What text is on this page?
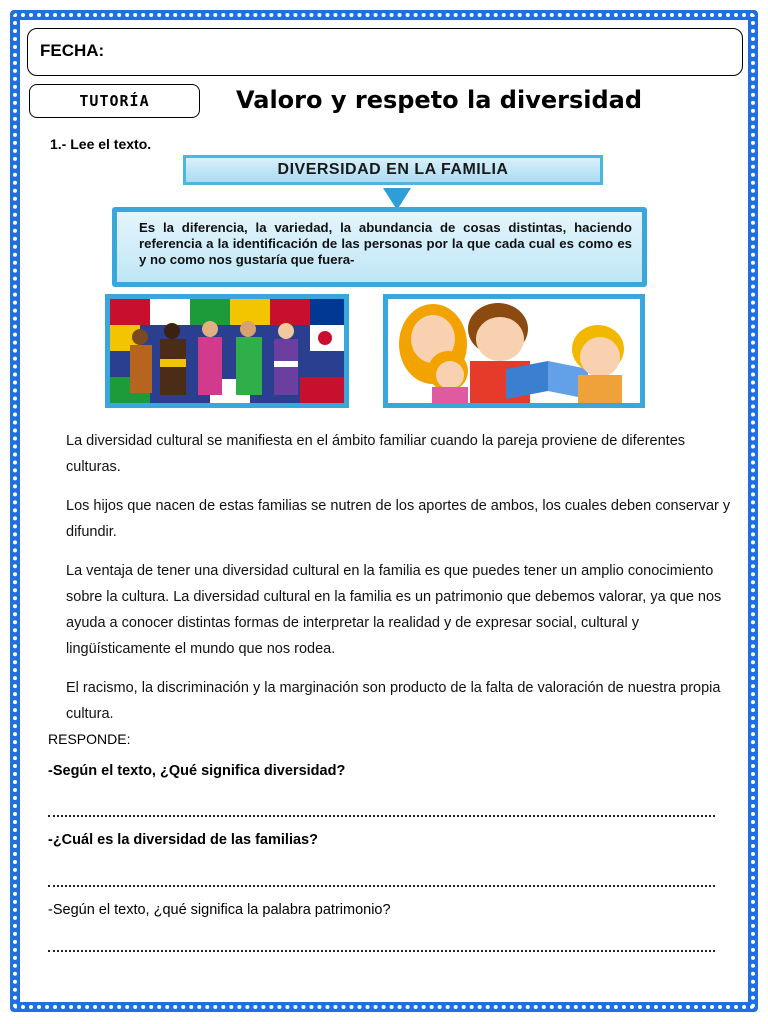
FECHA:
TUTORÍA	Valoro y respeto la diversidad
1.- Lee el texto.
DIVERSIDAD EN LA FAMILIA
Es la diferencia, la variedad, la abundancia de cosas distintas, haciendo referencia a la identificación de las personas por la que cada cual es como es y no como nos gustaría que fuera-
La diversidad cultural se manifiesta en el ámbito familiar cuando la pareja proviene de diferentes culturas.
Los hijos que nacen de estas familias se nutren de los aportes de ambos, los cuales deben conservar y difundir.
La ventaja de tener una diversidad cultural en la familia es que puedes tener un amplio conocimiento sobre la cultura. La diversidad cultural en la familia es un patrimonio que debemos valorar, ya que nos ayuda a conocer distintas formas de interpretar la realidad y de expresar social, cultural y lingüísticamente el mundo que nos rodea.
El racismo, la discriminación y la marginación son producto de la falta de valoración de nuestra propia cultura.
RESPONDE:
-Según el texto, ¿Qué significa diversidad?
-¿Cuál es la diversidad de las familias?
-Según el texto, ¿qué significa la palabra patrimonio?
